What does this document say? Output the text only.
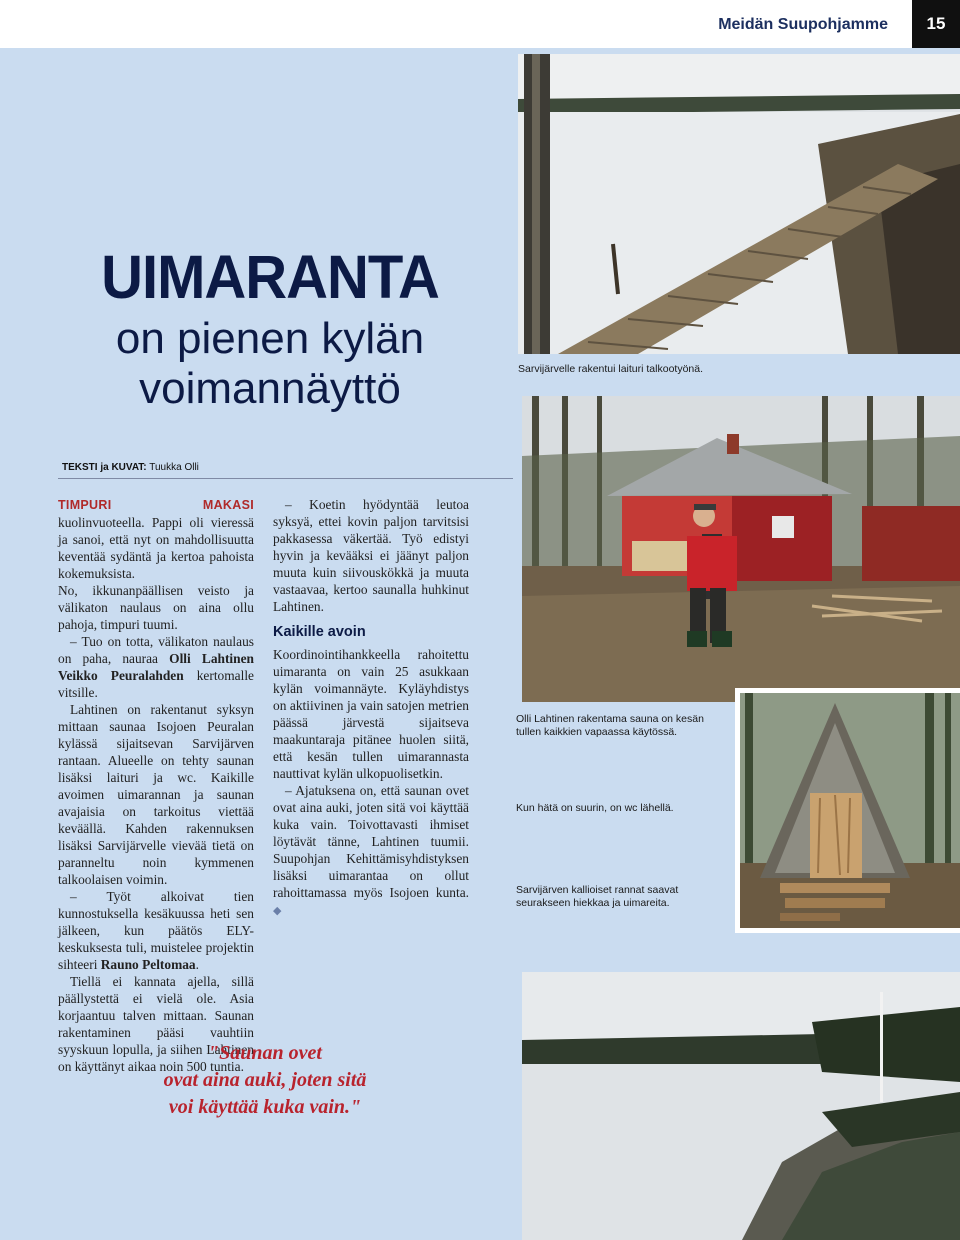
Meidän Suupohjamme	15
Sarvijärvelle rakentui laituri talkootyönä.
UIMARANTA
on pienen kylän
voimannäyttö
TEKSTI ja KUVAT: Tuukka Olli

TIMPURI MAKASI kuolinvuoteella. Pappi oli vieressä ja sanoi, että nyt on mahdollisuutta keventää sydäntä ja kertoa pahoista kokemuksista.

No, ikkunanpäällisen veisto ja välikaton naulaus on aina ollu pahoja, timpuri tuumi.

– Tuo on totta, välikaton naulaus on paha, nauraa Olli Lahtinen Veikko Peuralahden kertomalle vitsille.

Lahtinen on rakentanut syksyn mittaan saunaa Isojoen Peuralan kylässä sijaitsevan Sarvijärven rantaan. Alueelle on tehty saunan lisäksi laituri ja wc. Kaikille avoimen uimarannan ja saunan avajaisia on tarkoitus viettää keväällä. Kahden rakennuksen lisäksi Sarvijärvelle vievää tietä on paranneltu noin kymmenen talkoolaisen voimin.

– Työt alkoivat tien kunnostuksella kesäkuussa heti sen jälkeen, kun päätös ELY-keskuksesta tuli, muistelee projektin sihteeri Rauno Peltomaa.

Tiellä ei kannata ajella, sillä päällystettä ei vielä ole. Asia korjaantuu talven mittaan. Saunan rakentaminen pääsi vauhtiin syyskuun lopulla, ja siihen Lahtinen on käyttänyt aikaa noin 500 tuntia.

– Koetin hyödyntää leutoa syksyä, ettei kovin paljon tarvitsisi pakkasessa väkertää. Työ edistyi hyvin ja kevääksi ei jäänyt paljon muuta kuin siivouskökkä ja muuta vastaavaa, kertoo saunalla huhkinut Lahtinen.

Kaikille avoin

Koordinointihankkeella rahoitettu uimaranta on vain 25 asukkaan kylän voimannäyte. Kyläyhdistys on aktiivinen ja vain satojen metrien päässä järvestä sijaitseva maakuntaraja pitänee huolen siitä, että kesän tullen uimarannasta nauttivat kylän ulkopuolisetkin.

– Ajatuksena on, että saunan ovet ovat aina auki, joten sitä voi käyttää kuka vain. Toivottavasti ihmiset löytävät tänne, Lahtinen tuumii. Suupohjan Kehittämisyhdistyksen lisäksi uimarantaa on ollut rahoittamassa myös Isojoen kunta. ◆

Olli Lahtinen rakentama sauna on kesän tullen kaikkien vapaassa käytössä.
Kun hätä on suurin, on wc lähellä.
Sarvijärven kallioiset rannat saavat seurakseen hiekkaa ja uimareita.
"Saunan ovet
ovat aina auki, joten sitä
voi käyttää kuka vain."
